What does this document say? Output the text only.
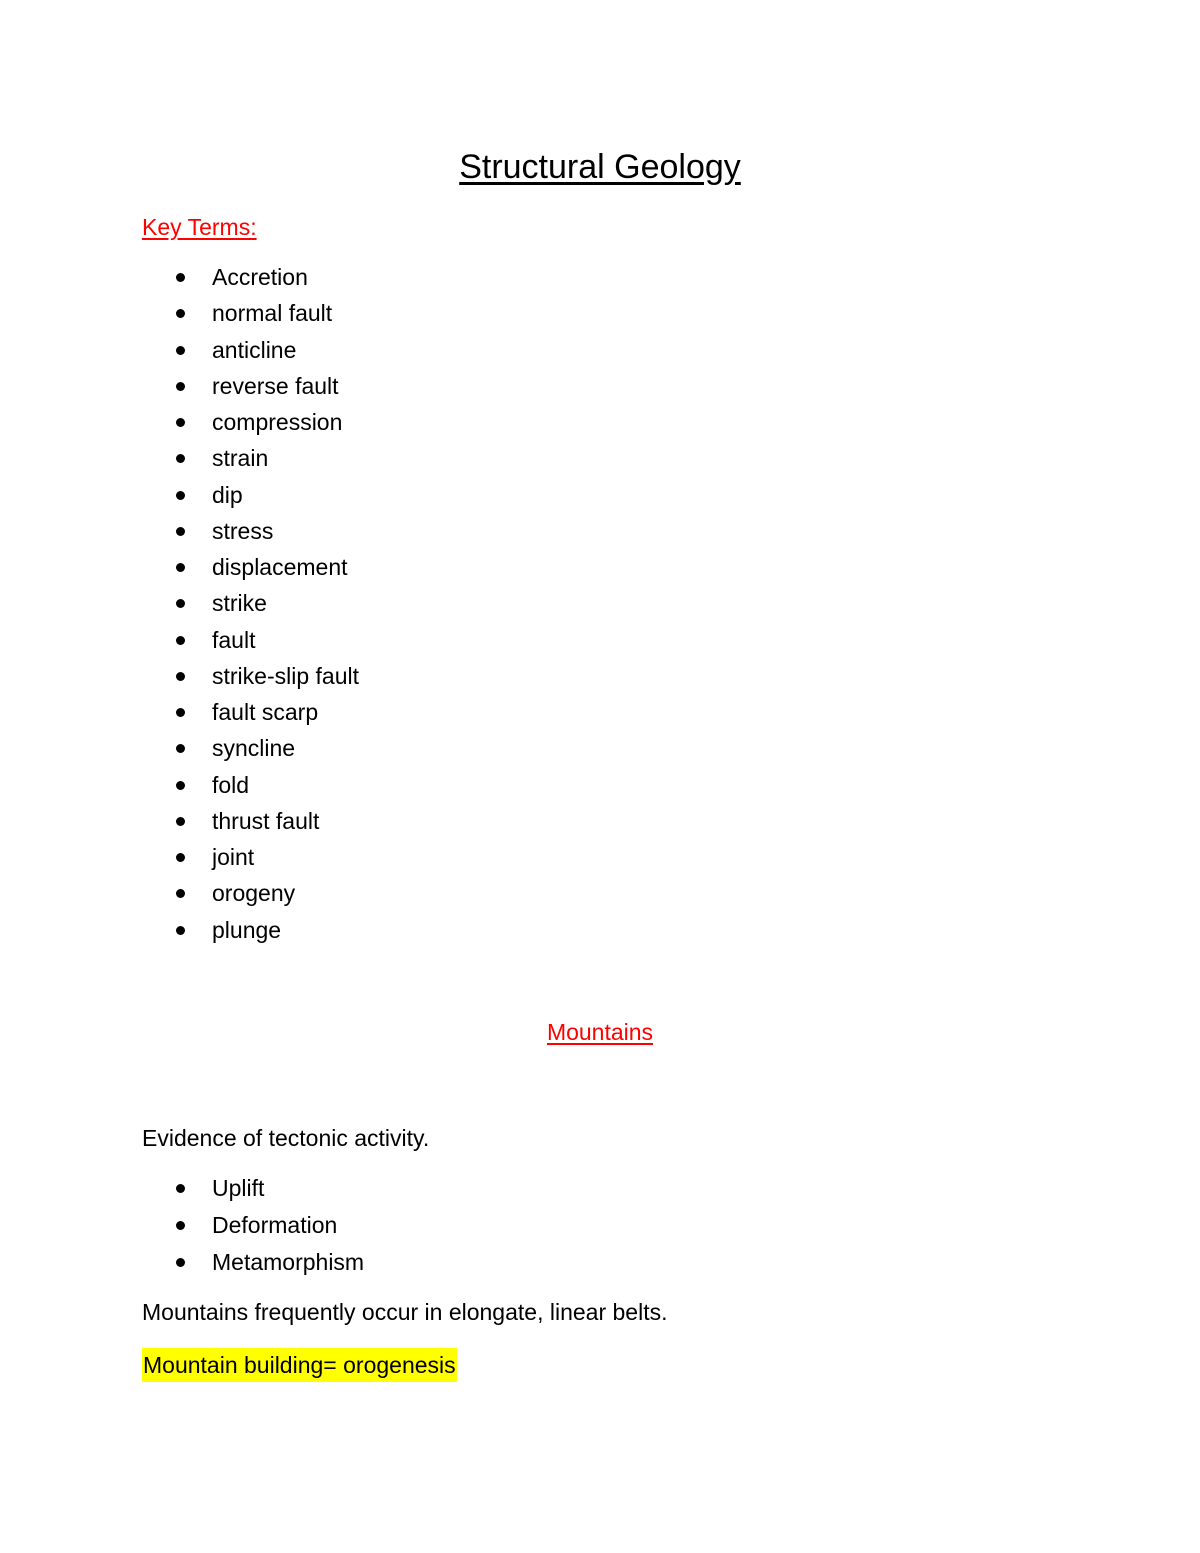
Structural Geology
Key Terms:
Accretion
normal fault
anticline
reverse fault
compression
strain
dip
stress
displacement
strike
fault
strike-slip fault
fault scarp
syncline
fold
thrust fault
joint
orogeny
plunge
Mountains
Evidence of tectonic activity.
Uplift
Deformation
Metamorphism
Mountains frequently occur in elongate, linear belts.
Mountain building= orogenesis
